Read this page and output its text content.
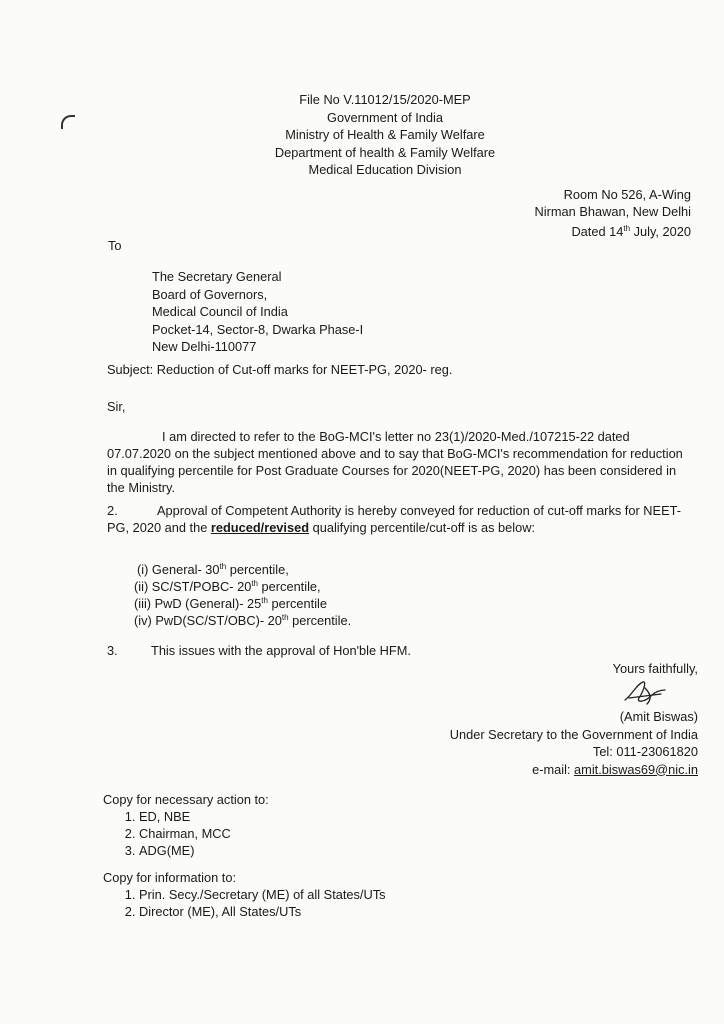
File No V.11012/15/2020-MEP
Government of India
Ministry of Health & Family Welfare
Department of health & Family Welfare
Medical Education Division
Room No 526, A-Wing
Nirman Bhawan, New Delhi
Dated 14th July, 2020
To
The Secretary General
Board of Governors,
Medical Council of India
Pocket-14, Sector-8, Dwarka Phase-I
New Delhi-110077
Subject: Reduction of Cut-off marks for NEET-PG, 2020- reg.
Sir,
I am directed to refer to the BoG-MCI's letter no 23(1)/2020-Med./107215-22 dated 07.07.2020 on the subject mentioned above and to say that BoG-MCI's recommendation for reduction in qualifying percentile for Post Graduate Courses for 2020(NEET-PG, 2020) has been considered in the Ministry.
2.	Approval of Competent Authority is hereby conveyed for reduction of cut-off marks for NEET-PG, 2020 and the reduced/revised qualifying percentile/cut-off is as below:
(i) General- 30th percentile,
(ii) SC/ST/POBC- 20th percentile,
(iii) PwD (General)- 25th percentile
(iv) PwD(SC/ST/OBC)- 20th percentile.
3.	This issues with the approval of Hon'ble HFM.
Yours faithfully,
(Amit Biswas)
Under Secretary to the Government of India
Tel: 011-23061820
e-mail: amit.biswas69@nic.in
Copy for necessary action to:
1. ED, NBE
2. Chairman, MCC
3. ADG(ME)
Copy for information to:
1. Prin. Secy./Secretary (ME) of all States/UTs
2. Director (ME), All States/UTs
